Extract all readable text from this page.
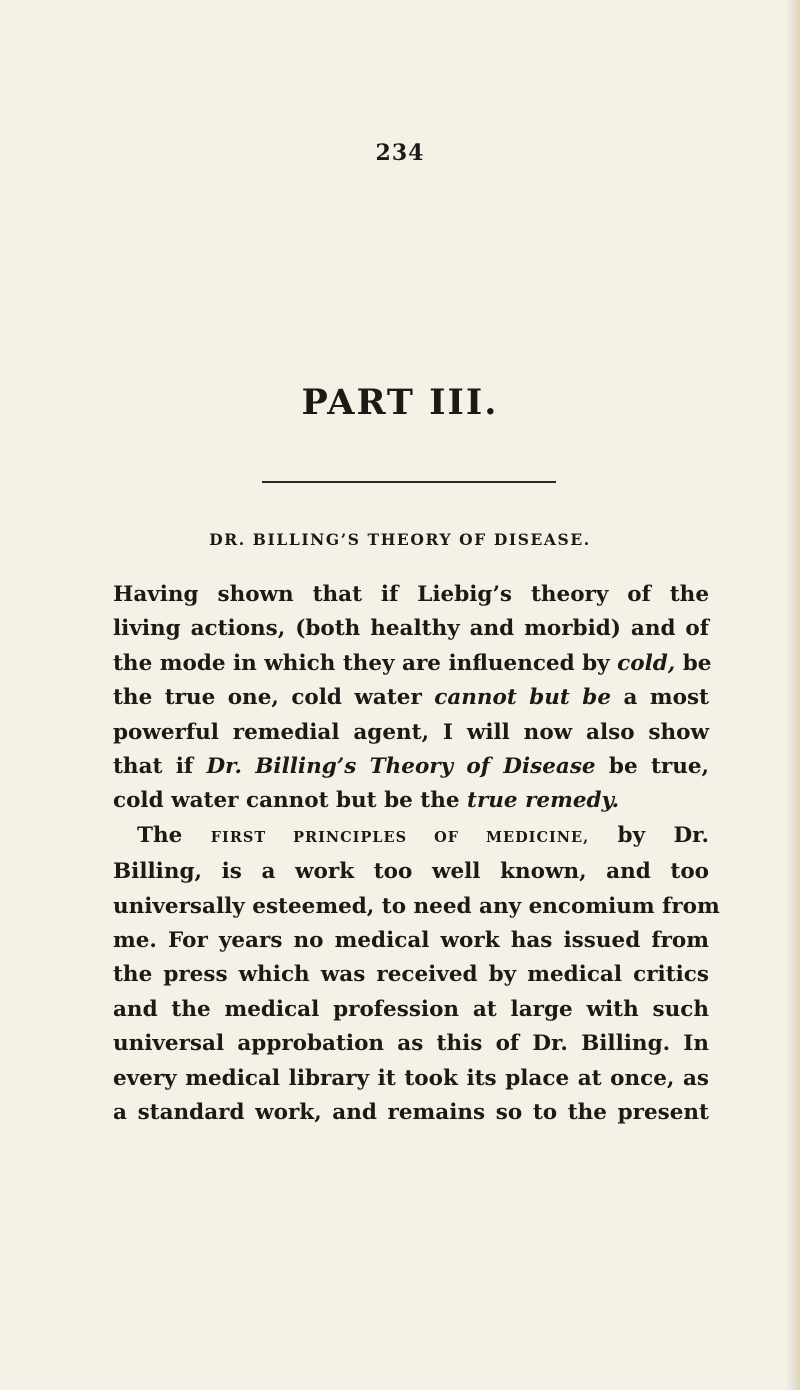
234
PART III.
DR. BILLING’S THEORY OF DISEASE.
Having shown that if Liebig’s theory of the
living actions, (both healthy and morbid) and of
the mode in which they are influenced by cold, be
the true one, cold water cannot but be a most
powerful remedial agent, I will now also show
that if Dr. Billing’s Theory of Disease be true,
cold water cannot but be the true remedy.
The FIRST PRINCIPLES OF MEDICINE, by Dr.
Billing, is a work too well known, and too
universally esteemed, to need any encomium from
me. For years no medical work has issued from
the press which was received by medical critics
and the medical profession at large with such
universal approbation as this of Dr. Billing. In
every medical library it took its place at once, as
a standard work, and remains so to the present
